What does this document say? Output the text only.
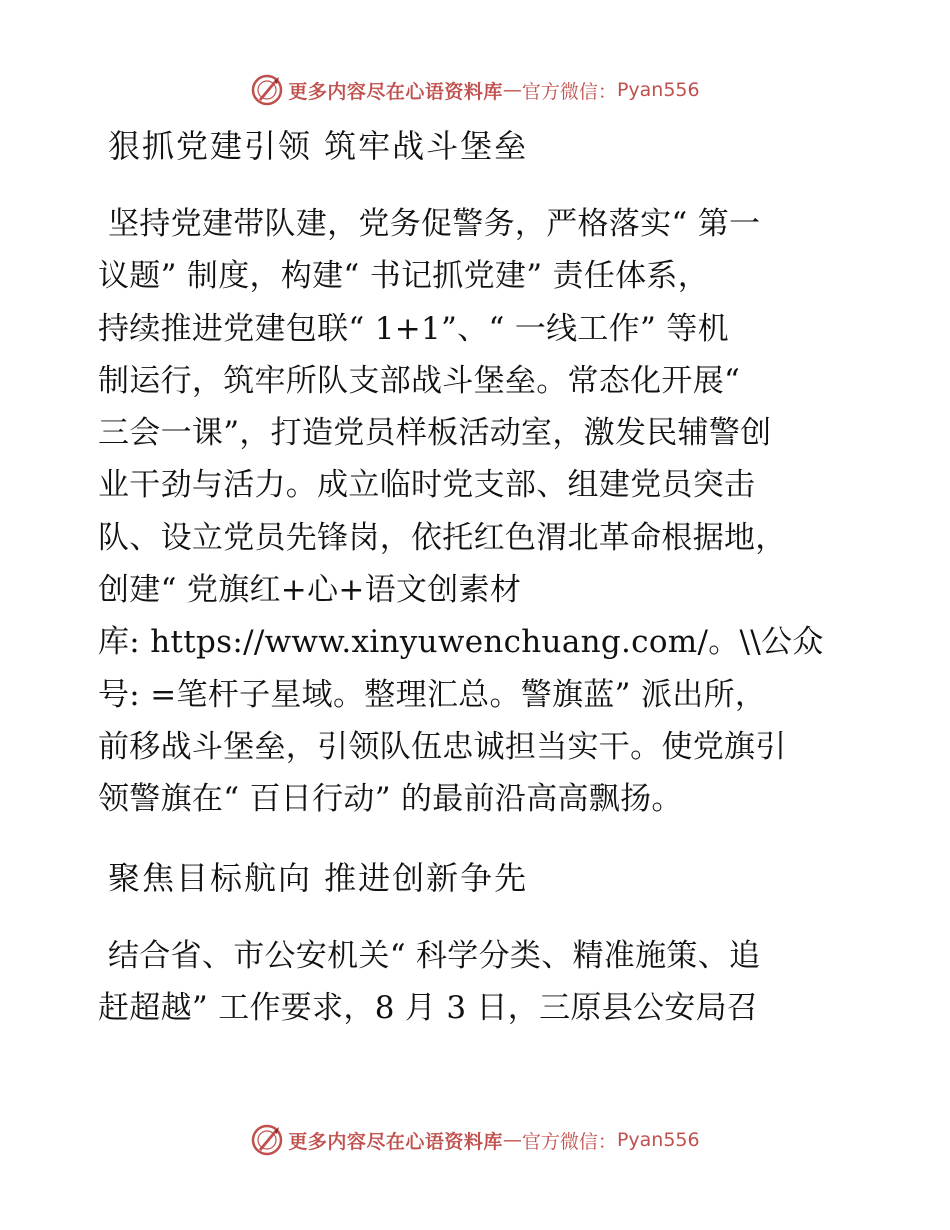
更多内容尽在心语资料库 — 官方微信： Pyan556
狠抓党建引领 筑牢战斗堡垒
坚持党建带队建，党务促警务，严格落实“ 第一
议题” 制度，构建“ 书记抓党建” 责任体系，
持续推进党建包联“ 1+1”、“ 一线工作” 等机
制运行，筑牢所队支部战斗堡垒。常态化开展“
三会一课”，打造党员样板活动室，激发民辅警创
业干劲与活力。成立临时党支部、组建党员突击
队、设立党员先锋岗，依托红色渭北革命根据地，
创建“ 党旗红+心+语文创素材
库: https://www.xinyuwenchuang.com/。\\公众
号: =笔杆子星域。整理汇总。警旗蓝” 派出所，
前移战斗堡垒，引领队伍忠诚担当实干。使党旗引
领警旗在“ 百日行动” 的最前沿高高飘扬。
聚焦目标航向 推进创新争先
结合省、市公安机关“ 科学分类、精准施策、追
赶超越” 工作要求，8 月 3 日，三原县公安局召
更多内容尽在心语资料库 — 官方微信： Pyan556
